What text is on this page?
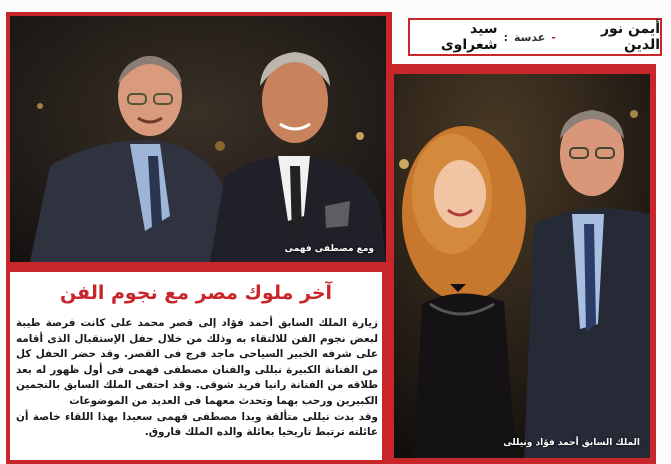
ومع مصطفى فهمى
أيمن نور الدين
-
عدسة
:
سيد شعراوى
الملك السابق أحمد فؤاد ونيللى
آخر ملوك مصر مع نجوم الفن

زيارة الملك السابق أحمد فؤاد إلى قصر محمد على كانت فرصة طيبة لبعض نجوم الفن للالتقاء به وذلك من خلال حفل الإستقبال الذى أقامه على شرفه الخبير السياحى ماجد فرج فى القصر. وقد حضر الحفل كل من الفنانة الكبيرة نيللى والفنان مصطفى فهمى فى أول ظهور له بعد طلاقه من الفنانة رانيا فريد شوقى. وقد احتفى الملك السابق بالنجمين الكبيرين ورحب بهما وتحدث معهما فى العديد من الموضوعات

وقد بدت نيللى متألقة وبدا مصطفى فهمى سعيدا بهذا اللقاء خاصة أن عائلته ترتبط تاريخيا بعائلة والده الملك فاروق.
